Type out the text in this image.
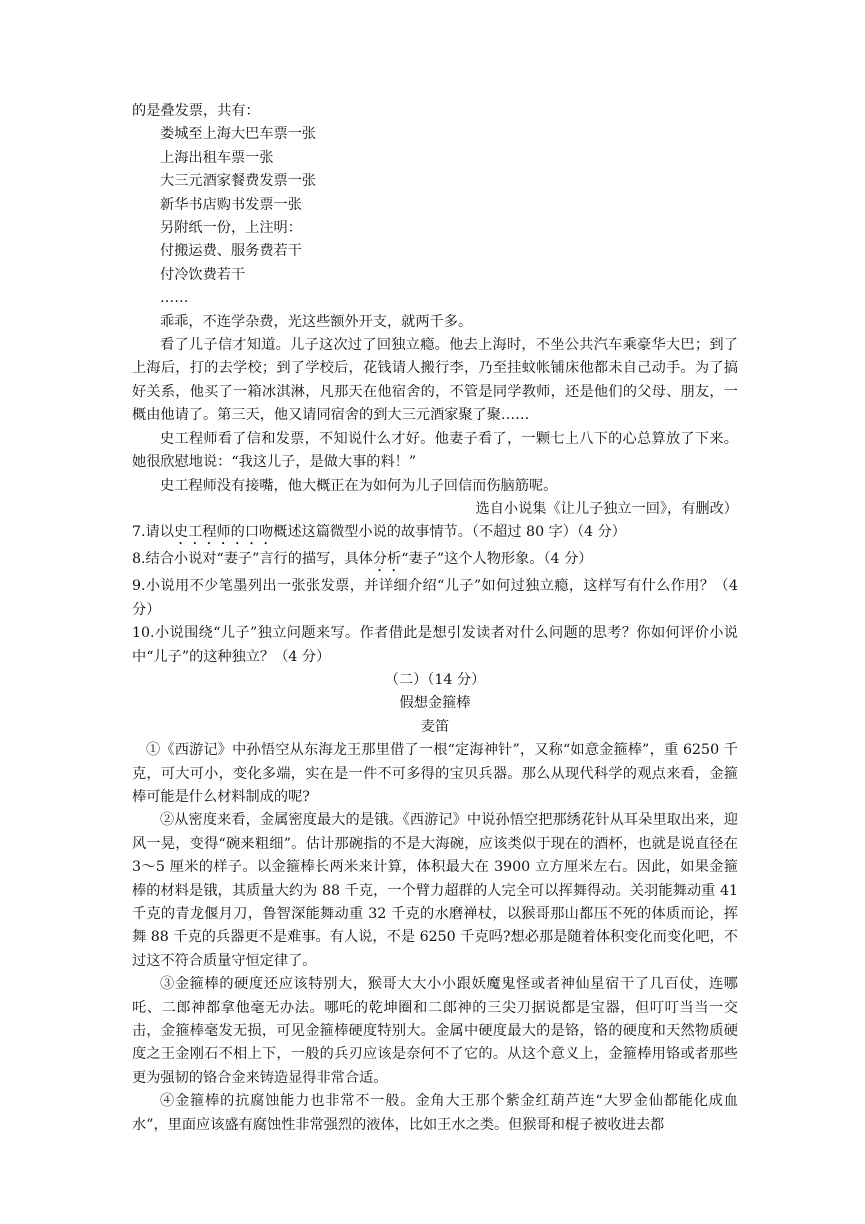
的是叠发票，共有：

娄城至上海大巴车票一张

上海出租车票一张

大三元酒家餐费发票一张

新华书店购书发票一张

另附纸一份，上注明：

付搬运费、服务费若干

付冷饮费若干

……

乖乖，不连学杂费，光这些额外开支，就两千多。

看了儿子信才知道。儿子这次过了回独立瘾。他去上海时，不坐公共汽车乘豪华大巴；到了上海后，打的去学校；到了学校后，花钱请人搬行李，乃至挂蚊帐铺床他都未自己动手。为了搞好关系，他买了一箱冰淇淋，凡那天在他宿舍的，不管是同学教师，还是他们的父母、朋友，一概由他请了。第三天，他又请同宿舍的到大三元酒家聚了聚……

史工程师看了信和发票，不知说什么才好。他妻子看了，一颗七上八下的心总算放了下来。她很欣慰地说：“我这儿子，是做大事的料！”

史工程师没有接嘴，他大概正在为如何为儿子回信而伤脑筋呢。

选自小说集《让儿子独立一回》，有删改）

7.请以史工程师的口吻概述这篇微型小说的故事情节。（不超过 80 字）（4 分）

8.结合小说对“妻子”言行的描写，具体分析“妻子”这个人物形象。（4 分）

9.小说用不少笔墨列出一张张发票，并详细介绍“儿子”如何过独立瘾，这样写有什么作用？（4 分）

10.小说围绕“儿子”独立问题来写。作者借此是想引发读者对什么问题的思考？你如何评价小说中“儿子”的这种独立？（4 分）

（二）（14 分）

假想金箍棒

麦笛

①《西游记》中孙悟空从东海龙王那里借了一根“定海神针”，又称“如意金箍棒”，重 6250 千克，可大可小，变化多端，实在是一件不可多得的宝贝兵器。那么从现代科学的观点来看，金箍棒可能是什么材料制成的呢?

②从密度来看，金属密度最大的是锇。《西游记》中说孙悟空把那绣花针从耳朵里取出来，迎风一晃，变得“碗来粗细”。估计那碗指的不是大海碗，应该类似于现在的酒杯，也就是说直径在 3～5 厘米的样子。以金箍棒长两米来计算，体积最大在 3900 立方厘米左右。因此，如果金箍棒的材料是锇，其质量大约为 88 千克，一个臂力超群的人完全可以挥舞得动。关羽能舞动重 41 千克的青龙偃月刀，鲁智深能舞动重 32 千克的水磨禅杖，以猴哥那山都压不死的体质而论，挥舞 88 千克的兵器更不是难事。有人说，不是 6250 千克吗?想必那是随着体积变化而变化吧，不过这不符合质量守恒定律了。

③金箍棒的硬度还应该特别大，猴哥大大小小跟妖魔鬼怪或者神仙星宿干了几百仗，连哪吒、二郎神都拿他毫无办法。哪吒的乾坤圈和二郎神的三尖刀据说都是宝器，但叮叮当当一交击，金箍棒毫发无损，可见金箍棒硬度特别大。金属中硬度最大的是铬，铬的硬度和天然物质硬度之王金刚石不相上下，一般的兵刃应该是奈何不了它的。从这个意义上，金箍棒用铬或者那些更为强韧的铬合金来铸造显得非常合适。

④金箍棒的抗腐蚀能力也非常不一般。金角大王那个紫金红葫芦连“大罗金仙都能化成血水”，里面应该盛有腐蚀性非常强烈的液体，比如王水之类。但猴哥和棍子被收进去都
